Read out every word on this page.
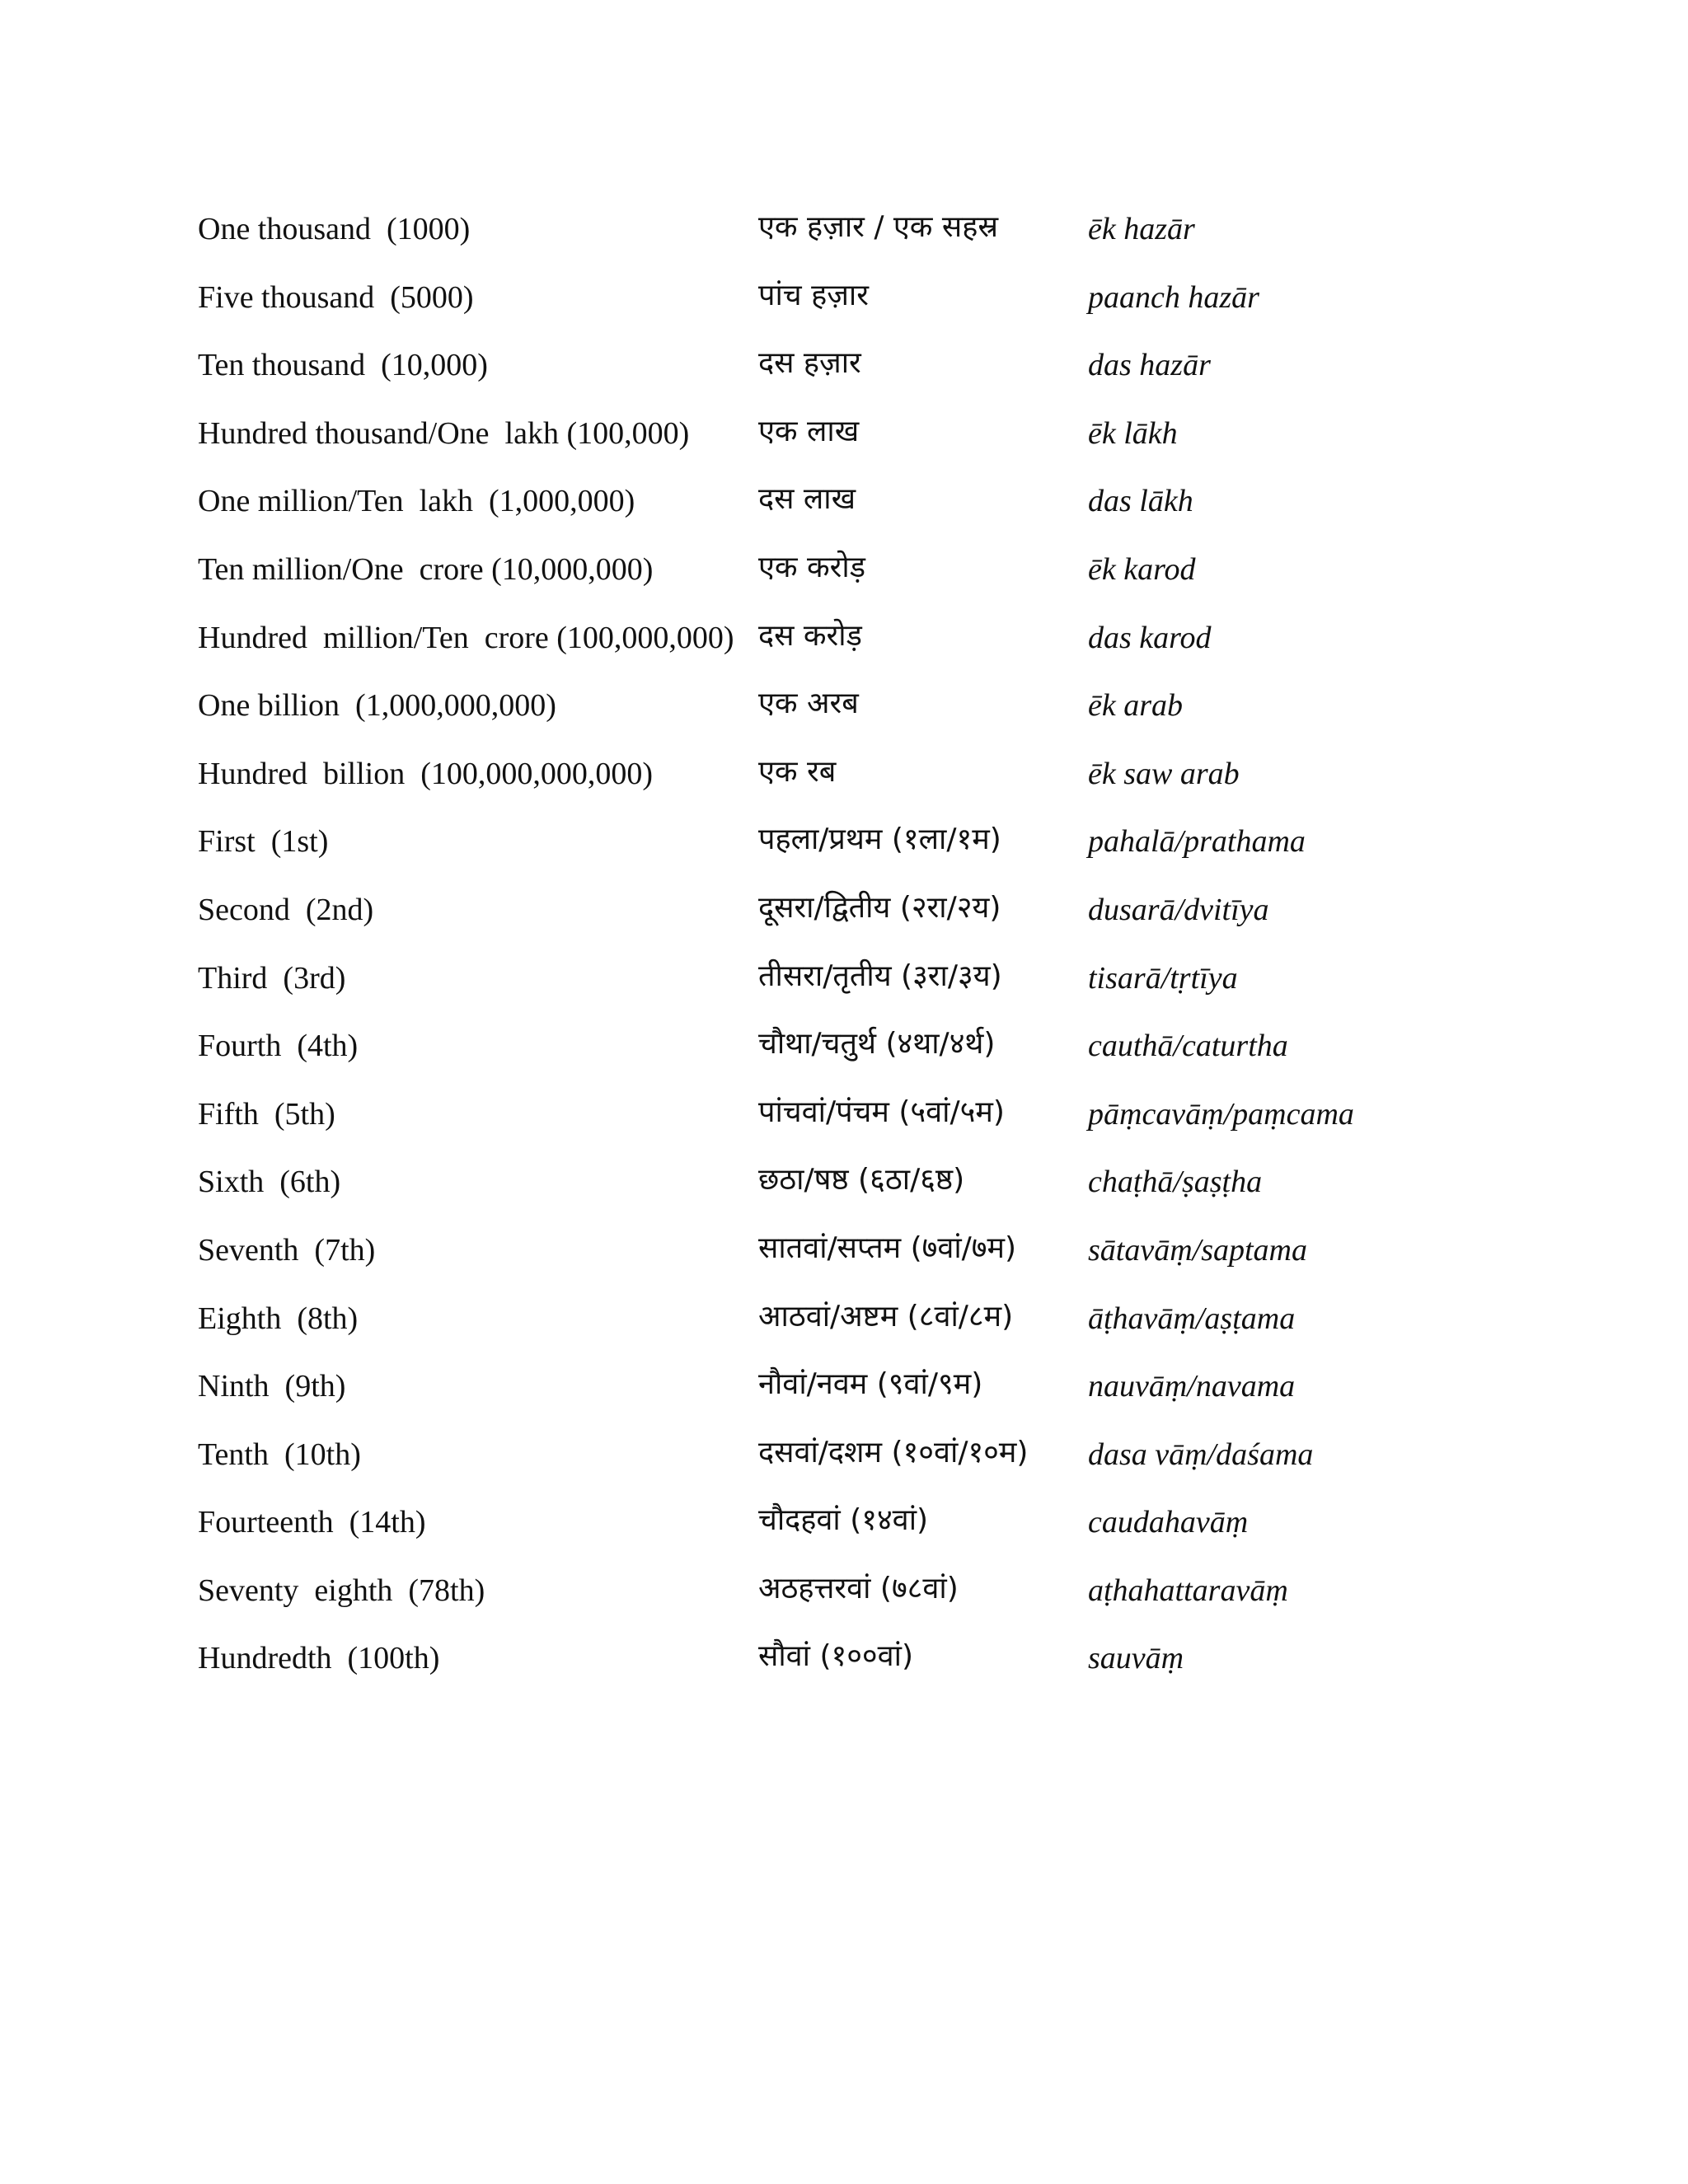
One thousand  (1000)	एक हज़ार / एक सहस्र	ēk hazār
Five thousand  (5000)	पांच हज़ार	paanch hazār
Ten thousand  (10,000)	दस हज़ार	das hazār
Hundred thousand/One  lakh (100,000) एक लाख	ēk lākh
One million/Ten  lakh  (1,000,000)	दस लाख	das lākh
Ten million/One  crore (10,000,000)	एक करोड़	ēk karod
Hundred  million/Ten  crore (100,000,000) दस करोड़	das karod
One billion  (1,000,000,000)	एक अरब	ēk arab
Hundred  billion  (100,000,000,000)	एक रब	ēk saw arab
First  (1st)	पहला/प्रथम (१ला/१म)	pahalā/prathama
Second  (2nd)	दूसरा/द्वितीय (२रा/२य)	dusarā/dvitīya
Third  (3rd)	तीसरा/तृतीय (३रा/३य)	tisarā/tṛtīya
Fourth  (4th)	चौथा/चतुर्थ (४था/४र्थ)	cauthā/caturtha
Fifth  (5th)	पांचवां/पंचम (५वां/५म)	pāṃcavāṃ/paṃcama
Sixth  (6th)	छठा/षष्ठ (६ठा/६ष्ठ)	chaṭhā/ṣaṣṭha
Seventh  (7th)	सातवां/सप्तम (७वां/७म) sātavāṃ/saptama
Eighth  (8th)	आठवां/अष्टम (८वां/८म) āṭhavāṃ/aṣṭama
Ninth  (9th)	नौवां/नवम (९वां/९म)	nauvāṃ/navama
Tenth  (10th)	दसवां/दशम (१०वां/१०म) dasa vāṃ/daśama
Fourteenth  (14th)	चौदहवां (१४वां)	caudahavāṃ
Seventy  eighth  (78th)	अठहत्तरवां (७८वां)	aṭhahattaravāṃ
Hundredth  (100th)	सौवां (१००वां)	sauvāṃ
